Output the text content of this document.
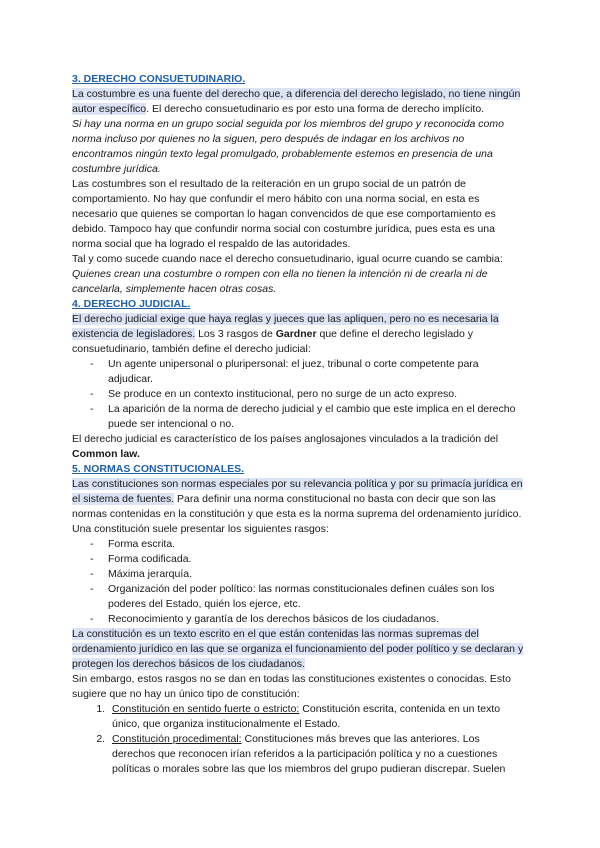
3. DERECHO CONSUETUDINARIO.

La costumbre es una fuente del derecho que, a diferencia del derecho legislado, no tiene ningún autor específico. El derecho consuetudinario es por esto una forma de derecho implícito.

Si hay una norma en un grupo social seguida por los miembros del grupo y reconocida como norma incluso por quienes no la siguen, pero después de indagar en los archivos no encontramos ningún texto legal promulgado, probablemente estemos en presencia de una costumbre jurídica.

Las costumbres son el resultado de la reiteración en un grupo social de un patrón de comportamiento. No hay que confundir el mero hábito con una norma social, en esta es necesario que quienes se comportan lo hagan convencidos de que ese comportamiento es debido. Tampoco hay que confundir norma social con costumbre jurídica, pues esta es una norma social que ha logrado el respaldo de las autoridades.

Tal y como sucede cuando nace el derecho consuetudinario, igual ocurre cuando se cambia:

Quienes crean una costumbre o rompen con ella no tienen la intención ni de crearla ni de cancelarla, simplemente hacen otras cosas.

4. DERECHO JUDICIAL.

El derecho judicial exige que haya reglas y jueces que las apliquen, pero no es necesaria la existencia de legisladores. Los 3 rasgos de Gardner que define el derecho legislado y consuetudinario, también define el derecho judicial:

- Un agente unipersonal o pluripersonal: el juez, tribunal o corte competente para adjudicar.
- Se produce en un contexto institucional, pero no surge de un acto expreso.
- La aparición de la norma de derecho judicial y el cambio que este implica en el derecho puede ser intencional o no.

El derecho judicial es característico de los países anglosajones vinculados a la tradición del Common law.

5. NORMAS CONSTITUCIONALES.

Las constituciones son normas especiales por su relevancia política y por su primacía jurídica en el sistema de fuentes. Para definir una norma constitucional no basta con decir que son las normas contenidas en la constitución y que esta es la norma suprema del ordenamiento jurídico. Una constitución suele presentar los siguientes rasgos:

- Forma escrita.
- Forma codificada.
- Máxima jerarquía.
- Organización del poder político: las normas constitucionales definen cuáles son los poderes del Estado, quién los ejerce, etc.
- Reconocimiento y garantía de los derechos básicos de los ciudadanos.

La constitución es un texto escrito en el que están contenidas las normas supremas del ordenamiento jurídico en las que se organiza el funcionamiento del poder político y se declaran y protegen los derechos básicos de los ciudadanos.

Sin embargo, estos rasgos no se dan en todas las constituciones existentes o conocidas. Esto sugiere que no hay un único tipo de constitución:

1. Constitución en sentido fuerte o estricto: Constitución escrita, contenida en un texto único, que organiza institucionalmente el Estado.
2. Constitución procedimental: Constituciones más breves que las anteriores. Los derechos que reconocen irían referidos a la participación política y no a cuestiones políticas o morales sobre las que los miembros del grupo pudieran discrepar. Suelen
